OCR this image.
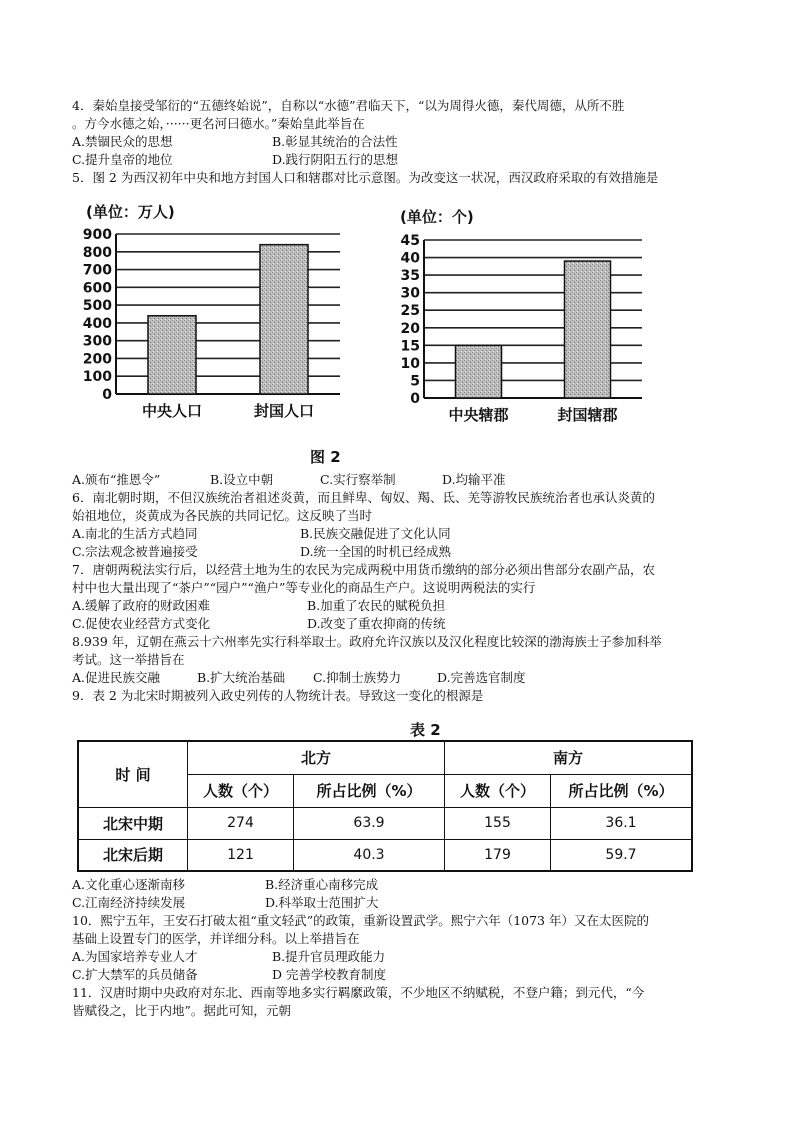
4．秦始皇接受邹衍的“五德终始说”，自称以“水德”君临天下，“以为周得火德，秦代周德，从所不胜
。方今水德之始，······更名河曰德水。”秦始皇此举旨在
A.禁锢民众的思想	B.彰显其统治的合法性
C.提升皇帝的地位	D.践行阴阳五行的思想
5．图 2 为西汉初年中央和地方封国人口和辖郡对比示意图。为改变这一状况，西汉政府采取的有效措施是
(单位：万人)	(单位：个)
0
100
200
300
400
500
600
700
800
900
中央人口	封国人口
0
5
10
15
20
25
30
35
40
45
中央辖郡	封国辖郡
图 2
A.颁布“推恩令”	B.设立中朝	C.实行察举制	D.均输平准
6．南北朝时期，不但汉族统治者祖述炎黄，而且鲜卑、匈奴、羯、氐、羌等游牧民族统治者也承认炎黄的
始祖地位，炎黄成为各民族的共同记忆。这反映了当时
A.南北的生活方式趋同	B.民族交融促进了文化认同
C.宗法观念被普遍接受	D.统一全国的时机已经成熟
7．唐朝两税法实行后，以经营土地为生的农民为完成两税中用货币缴纳的部分必须出售部分农副产品，农
村中也大量出现了“茶户”“园户”“渔户”等专业化的商品生产户。这说明两税法的实行
A.缓解了政府的财政困难	B.加重了农民的赋税负担
C.促使农业经营方式变化	D.改变了重农抑商的传统
8.939 年，辽朝在燕云十六州率先实行科举取士。政府允许汉族以及汉化程度比较深的渤海族士子参加科举
考试。这一举措旨在
A.促进民族交融	B.扩大统治基础 C.抑制士族势力	D.完善选官制度
9．表 2 为北宋时期被列入政史列传的人物统计表。导致这一变化的根源是
表 2
时 间	北方		南方	
	人数（个）	所占比例（%）	人数（个）	所占比例（%）
北宋中期	274	63.9	155	36.1
北宋后期	121	40.3	179	59.7
A.文化重心逐渐南移	B.经济重心南移完成
C.江南经济持续发展	D.科举取士范围扩大
10．熙宁五年，王安石打破太祖“重文轻武”的政策，重新设置武学。熙宁六年（1073 年）又在太医院的
基础上设置专门的医学，并详细分科。以上举措旨在
A.为国家培养专业人才	B.提升官员理政能力
C.扩大禁军的兵员储备	D 完善学校教育制度
11．汉唐时期中央政府对东北、西南等地多实行羁縻政策，不少地区不纳赋税，不登户籍；到元代，“今
皆赋役之，比于内地”。据此可知，元朝
